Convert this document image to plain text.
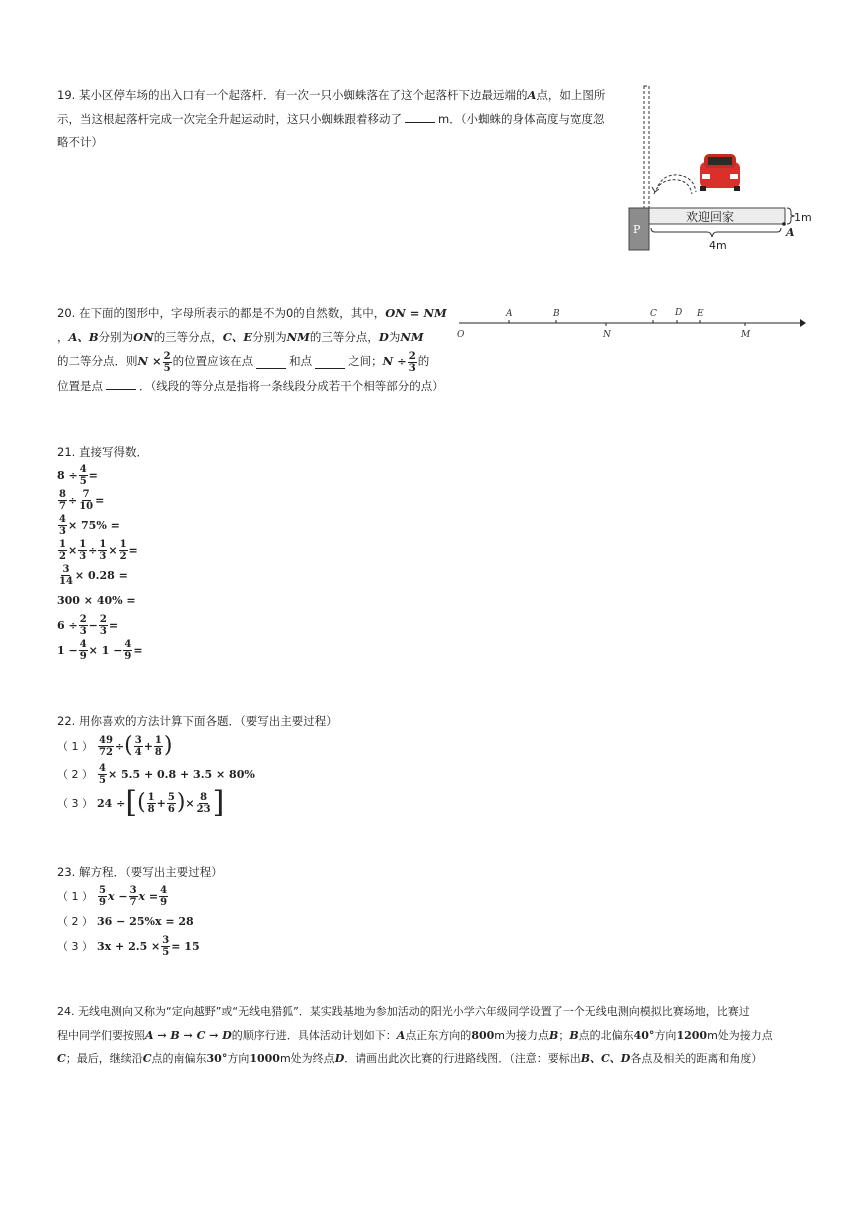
19. 某小区停车场的出入口有一个起落杆．有一次一只小蜘蛛落在了这个起落杆下边最远端的A点，如上图所
示，当这根起落杆完成一次完全升起运动时，这只小蜘蛛跟着移动了	m．（小蜘蛛的身体高度与宽度忽
略不计）
P
欢迎回家	1m
4m
A
20. 在下面的图形中，字母所表示的都是不为0的自然数，其中，ON = NM
，A、B分别为ON的三等分点，C、E分别为NM的三等分点，D为NM
的二等分点．则 $N \times \frac{2}{5}$ 的位置应该在点	和点	之间； $N \div \frac{2}{3}$ 的
位置是点	．（线段的等分点是指将一条线段分成若干个相等部分的点）
A	B	C D E
O	N	M
21. 直接写得数．
$8 \div \frac{4}{5}$ =
$\frac{8}{7} \div \frac{7}{10}$ =
$\frac{4}{3} \times 75\%$ =
$\frac{1}{2} \times \frac{1}{3} \div \frac{1}{3} \times \frac{1}{2}$ =
$\frac{3}{14} \times 0.28$ =
300 × 40% =
$6 \div \frac{2}{3} - \frac{2}{3}$ =
$1 - \frac{4}{9} \times 1 - \frac{4}{9}$ =
22. 用你喜欢的方法计算下面各题．（要写出主要过程）
（ 1 ） $\frac{49}{72}$ ÷ ( $\frac{3}{4} + \frac{1}{8}$ )
（ 2 ） $\frac{4}{5} \times 5.5 + 0.8 + 3.5 \times 80\%$
（ 3 ） 24 ÷ [ ( $\frac{1}{8} + \frac{5}{6}$ ) × $\frac{8}{23}$ ]
23. 解方程．（要写出主要过程）
（ 1 ） $\frac{5}{9}$ $x - \frac{3}{7}$ $x = \frac{4}{9}$
（ 2 ） 36 − 25%x = 28
（ 3 ） $3x + 2.5 \times \frac{3}{5} = 15$
24. 无线电测向又称为“定向越野”或“无线电猎狐”．某实践基地为参加活动的阳光小学六年级同学设置了一个无线电测向模拟比赛场地，比赛过
程中同学们要按照A → B → C → D的顺序行进．具体活动计划如下：A点正东方向的800m为接力点B；B点的北偏东40°方向1200m处为接力点
C；最后，继续沿C点的南偏东30°方向1000m处为终点D．请画出此次比赛的行进路线图．（注意：要标出B、C、D各点及相关的距离和角度）
